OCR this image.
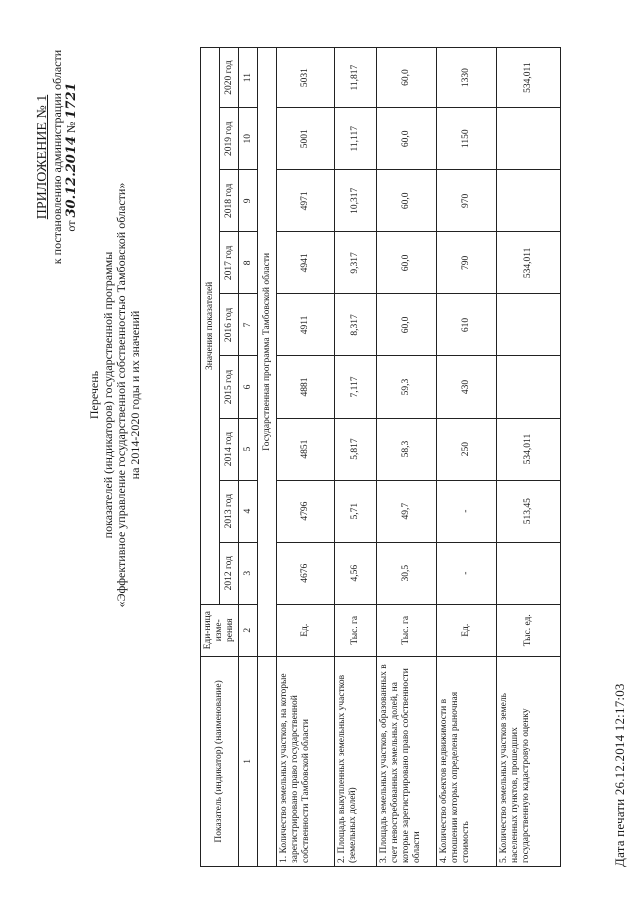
ПРИЛОЖЕНИЕ № 1 к постановлению администрации области от 30.12.2014 № 1721
Перечень показателей (индикаторов) государственной программы «Эффективное управление государственной собственностью Тамбовской области» на 2014-2020 годы и их значений
Показатель (индикатор) (наименование)	Еди-ница изме-рения	Значения показателей								
		2012 год	2013 год	2014 год	2015 год	2016 год	2017 год	2018 год	2019 год	2020 год
1	2	3	4	5	6	7	8	9	10	11
	Государственная программа Тамбовской области									
1. Количество земельных участков, на которые зарегистрировано право государственной собственности Тамбовской области	Ед.	4676	4796	4851	4881	4911	4941	4971	5001	5031
2. Площадь выкупленных земельных участков (земельных долей)	Тыс. га	4,56	5,71	5,817	7,117	8,317	9,317	10,317	11,117	11,817
3. Площадь земельных участков, образованных в счет невостребованных земельных долей, на которые зарегистрировано право собственности области	Тыс. га	30,5	49,7	58,3	59,3	60,0	60,0	60,0	60,0	60,0
4. Количество объектов недвижимости в отношении которых определена рыночная стоимость	Ед.	-	-	250	430	610	790	970	1150	1330
5. Количество земельных участков земель населенных пунктов, прошедших государственную кадастровую оценку	Тыс. ед.		513,45	534,011			534,011			534,011
Дата печати 26.12.2014 12:17:03
